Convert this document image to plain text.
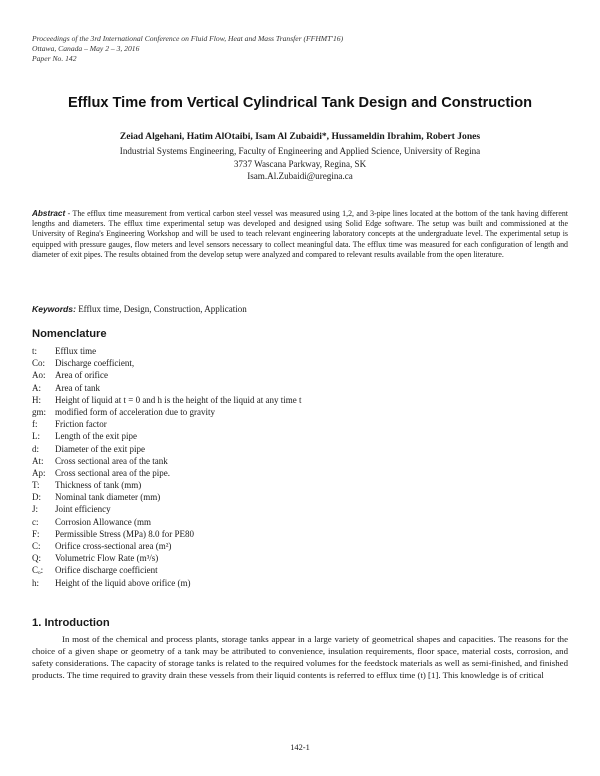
Proceedings of the 3rd International Conference on Fluid Flow, Heat and Mass Transfer (FFHMT'16)
Ottawa, Canada – May 2 – 3, 2016
Paper No. 142
Efflux Time from Vertical Cylindrical Tank Design and Construction
Zeiad Algehani, Hatim AlOtaibi, Isam Al Zubaidi*, Hussameldin Ibrahim, Robert Jones
Industrial Systems Engineering, Faculty of Engineering and Applied Science, University of Regina
3737 Wascana Parkway, Regina, SK
Isam.Al.Zubaidi@uregina.ca
Abstract - The efflux time measurement from vertical carbon steel vessel was measured using 1,2, and 3-pipe lines located at the bottom of the tank having different lengths and diameters. The efflux time experimental setup was developed and designed using Solid Edge software. The setup was built and commissioned at the University of Regina's Engineering Workshop and will be used to teach relevant engineering laboratory concepts at the undergraduate level. The experimental setup is equipped with pressure gauges, flow meters and level sensors necessary to collect meaningful data. The efflux time was measured for each configuration of length and diameter of exit pipes. The results obtained from the develop setup were analyzed and compared to relevant results available from the open literature.
Keywords: Efflux time, Design, Construction, Application
Nomenclature
t: Efflux time
Co: Discharge coefficient,
Ao: Area of orifice
A: Area of tank
H: Height of liquid at t = 0 and h is the height of the liquid at any time t
gm: modified form of acceleration due to gravity
f: Friction factor
L: Length of the exit pipe
d: Diameter of the exit pipe
At: Cross sectional area of the tank
Ap: Cross sectional area of the pipe.
T: Thickness of tank (mm)
D: Nominal tank diameter (mm)
J: Joint efficiency
c: Corrosion Allowance (mm
F: Permissible Stress (MPa) 8.0 for PE80
C: Orifice cross-sectional area (m²)
Q: Volumetric Flow Rate (m³/s)
Cₒ: Orifice discharge coefficient
h: Height of the liquid above orifice (m)
1. Introduction
In most of the chemical and process plants, storage tanks appear in a large variety of geometrical shapes and capacities. The reasons for the choice of a given shape or geometry of a tank may be attributed to convenience, insulation requirements, floor space, material costs, corrosion, and safety considerations. The capacity of storage tanks is related to the required volumes for the feedstock materials as well as semi-finished, and finished products. The time required to gravity drain these vessels from their liquid contents is referred to efflux time (t) [1]. This knowledge is of critical
142-1
